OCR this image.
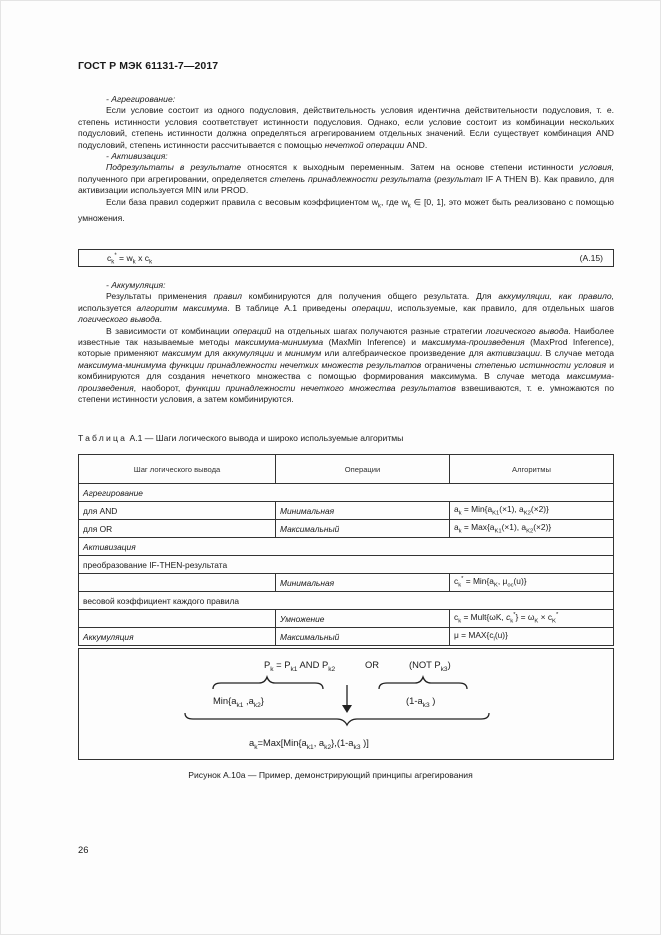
ГОСТ Р МЭК 61131-7—2017

- Агрегирование:

Если условие состоит из одного подусловия, действительность условия идентична действительности подусловия, т. е. степень истинности условия соответствует истинности подусловия. Однако, если условие состоит из комбинации нескольких подусловий, степень истинности должна определяться агрегированием отдельных значений. Если существует комбинация AND подусловий, степень истинности рассчитывается с помощью нечеткой операции AND.

- Активизация:

Подрезультаты в результате относятся к выходным переменным. Затем на основе степени истинности условия, полученного при агрегировании, определяется степень принадлежности результата (результат IF A THEN B). Как правило, для активизации используется MIN или PROD.

Если база правил содержит правила с весовым коэффициентом $w_k$, где $w_k$ ∈ [0, 1], это может быть реализовано с помощью умножения.

$c_k^* = w_k$ x $c_k$	(А.15)

- Аккумуляция:

Результаты применения правил комбинируются для получения общего результата. Для аккумуляции, как правило, используется алгоритм максимума. В таблице А.1 приведены операции, используемые, как правило, для отдельных шагов логического вывода.

В зависимости от комбинации операций на отдельных шагах получаются разные стратегии логического вывода. Наиболее известные так называемые методы максимума-минимума (MaxMin Inference) и максимума-произведения (MaxProd Inference), которые применяют максимум для аккумуляции и минимум или алгебраическое произведение для активизации. В случае метода максимума-минимума функции принадлежности нечетких множеств результатов ограничены степенью истинности условия и комбинируются для создания нечеткого множества с помощью формирования максимума. В случае метода максимума-произведения, наоборот, функции принадлежности нечеткого множества результатов взвешиваются, т. е. умножаются по степени истинности условия, а затем комбинируются.

Таблица А.1 — Шаги логического вывода и широко используемые алгоритмы
Шаг логического вывода	Операции	Алгоритмы
Агрегирование		
для AND	Минимальная	$a_k = Min\{a_{K1}(\times 1)$, $a_{K2}(\times 2)$}
для OR	Максимальный	$a_k = Max\{a_{K1}(\times 1)$, $a_{K2}(\times 2)$}
Активизация		
преобразование IF-THEN-результата		
	Минимальная	$c_k^* = Min\{a_K$, $\mu_{oc}(u)$}
весовой коэффициент каждого правила		
	Умножение	$c_k$ = Mult{ωK, $c_k^*\} = \omega_K \times c_K^*$
Аккумуляция	Максимальный	$\mu = MAX\{c_l(u)\}$
$P_k = P_{k1}$ AND $P_{k2}$	OR	(NOT $P_{k3}$)
$Min\{a_{k1}$ $,a_{k2}$}	($1-a_{k3}$ )
$a_k=Max[Min\{a_{k1}$, $a_{k2}\},(1-a_{k3}$ )]
Рисунок А.10а — Пример, демонстрирующий принципы агрегирования
26
